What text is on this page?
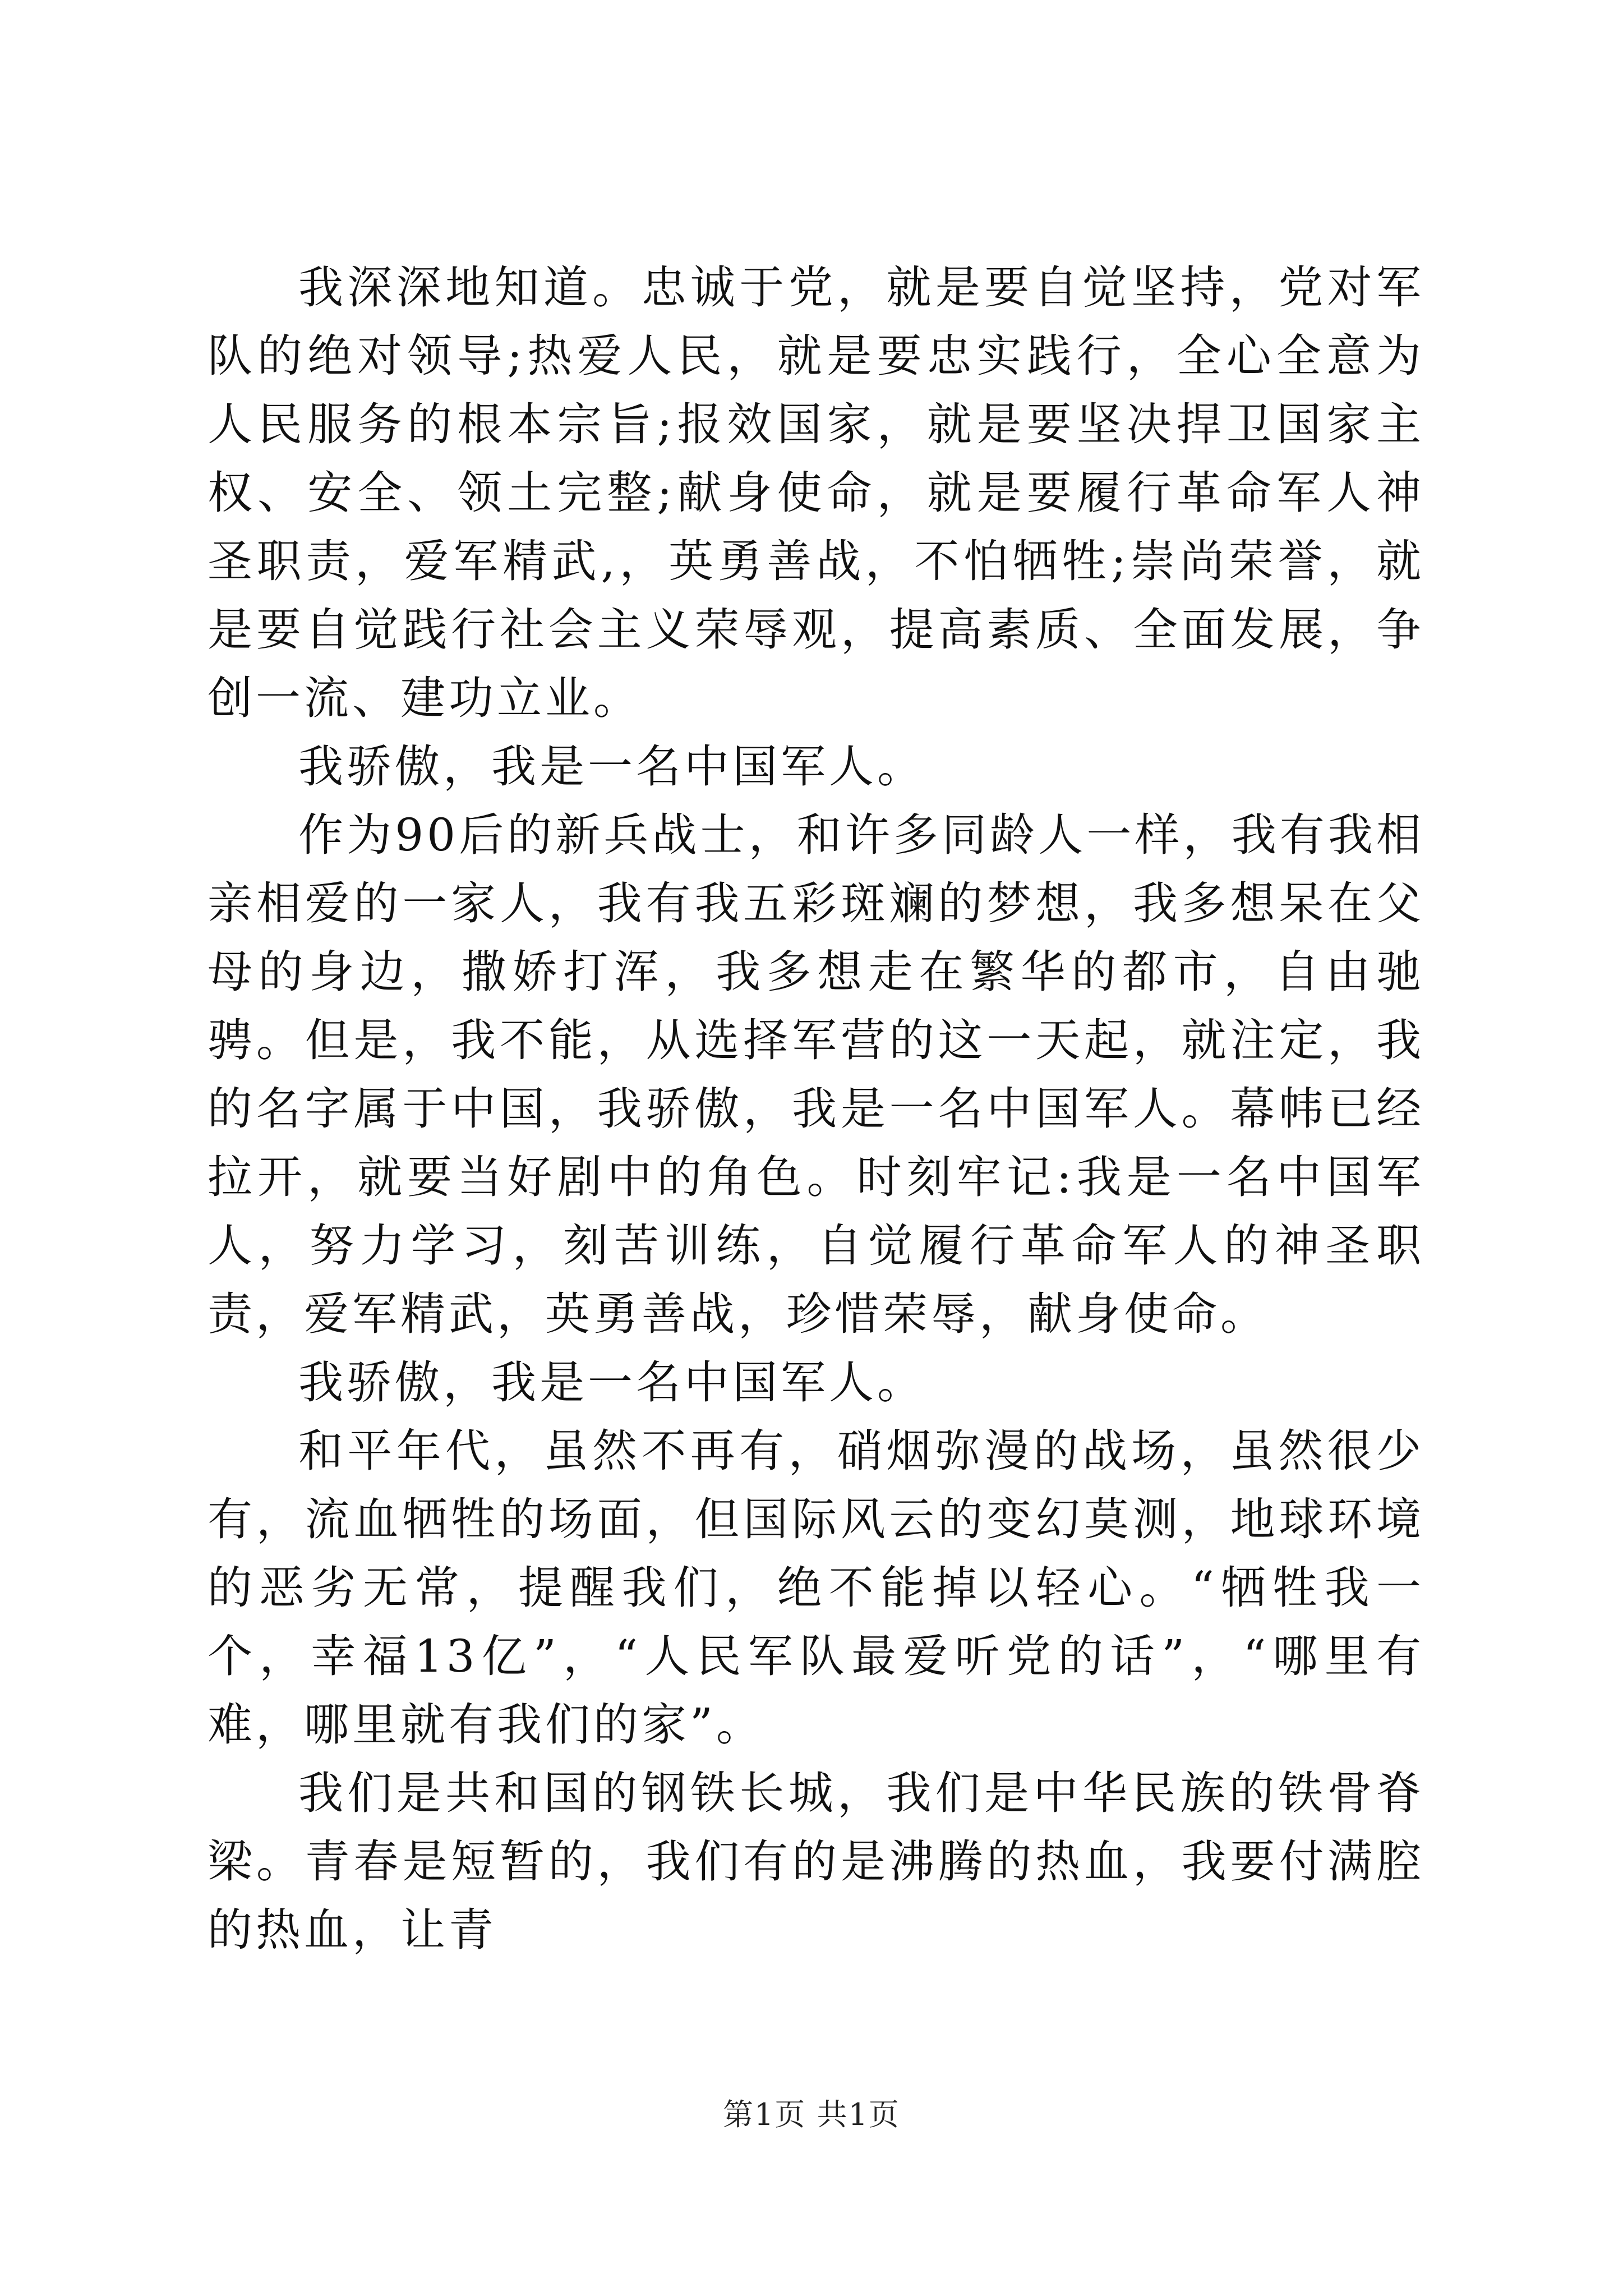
我深深地知道。忠诚于党，就是要自觉坚持，党对军队的绝对领导;热爱人民，就是要忠实践行，全心全意为人民服务的根本宗旨;报效国家，就是要坚决捍卫国家主权、安全、领土完整;献身使命，就是要履行革命军人神圣职责，爱军精武,，英勇善战，不怕牺牲;崇尚荣誉，就是要自觉践行社会主义荣辱观，提高素质、全面发展，争创一流、建功立业。

我骄傲，我是一名中国军人。

作为90后的新兵战士，和许多同龄人一样，我有我相亲相爱的一家人，我有我五彩斑斓的梦想，我多想呆在父母的身边，撒娇打浑，我多想走在繁华的都市，自由驰骋。但是，我不能，从选择军营的这一天起，就注定，我的名字属于中国，我骄傲，我是一名中国军人。幕帏已经拉开，就要当好剧中的角色。时刻牢记:我是一名中国军人，努力学习，刻苦训练，自觉履行革命军人的神圣职责，爱军精武，英勇善战，珍惜荣辱，献身使命。

我骄傲，我是一名中国军人。

和平年代，虽然不再有，硝烟弥漫的战场，虽然很少有，流血牺牲的场面，但国际风云的变幻莫测，地球环境的恶劣无常，提醒我们，绝不能掉以轻心。“牺牲我一个，幸福13亿”，“人民军队最爱听党的话”，“哪里有难，哪里就有我们的家”。

我们是共和国的钢铁长城，我们是中华民族的铁骨脊梁。青春是短暂的，我们有的是沸腾的热血，我要付满腔的热血，让青

第1页 共1页
